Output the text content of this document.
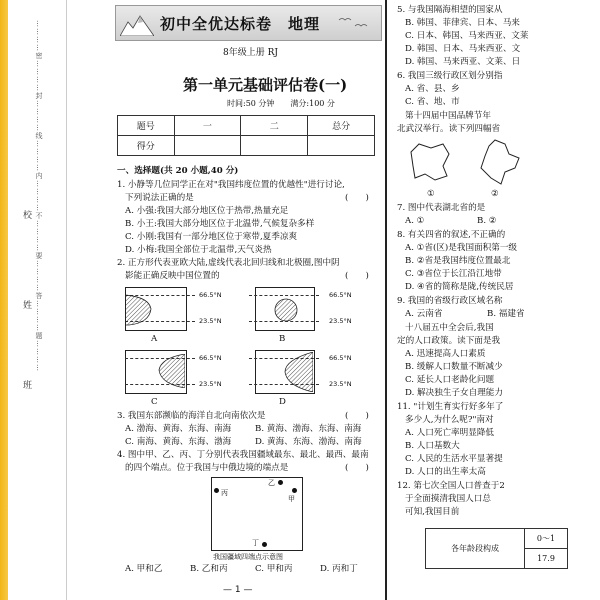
…………密…………封…………线…………内…………不…………要…………答…………题…………
姓
班
校
初中全优达标卷　地理
8年级上册 RJ
第一单元基础评估卷(一)
时间:50 分钟　　满分:100 分
题号	一	二	总分
得分			
一、选择题(共 20 小题,40 分)
1. 小静等几位同学正在对"我国纬度位置的优越性"进行讨论,
下列说法正确的是	(　　)
A. 小强:我国大部分地区位于热带,热量充足
B. 小王:我国大部分地区位于北温带,气候复杂多样
C. 小刚:我国有一部分地区位于寒带,夏季凉爽
D. 小梅:我国全部位于北温带,天气炎热
2. 正方形代表亚欧大陆,虚线代表北回归线和北极圈,图中阴
影能正确反映中国位置的	(　　)
66.5°N
23.5°N
A
66.5°N
23.5°N
B
66.5°N
23.5°N
C
66.5°N
23.5°N
D
3. 我国东部濒临的海洋自北向南依次是	(　　)
A. 渤海、黄海、东海、南海	B. 黄海、渤海、东海、南海
C. 南海、黄海、东海、渤海	D. 黄海、东海、渤海、南海
4. 图中甲、乙、丙、丁分别代表我国疆域最东、最北、最西、最南
的四个端点。位于我国与中俄边境的端点是	(　　)
丙
乙
甲
丁
我国疆域四端点示意图
A. 甲和乙	B. 乙和丙	C. 甲和丙	D. 丙和丁
— 1 —
5. 与我国隔海相望的国家从
B. 韩国、菲律宾、日本、马来
C. 日本、韩国、马来西亚、文莱
D. 韩国、日本、马来西亚、文
D. 韩国、马来西亚、文莱、日
6. 我国三级行政区划分别指
A. 省、县、乡
C. 省、地、市
第十四届中国品牌节年
北武汉举行。读下列四幅省
①	②
7. 图中代表湖北省的是
A. ①	B. ②
8. 有关四省的叙述,不正确的
A. ①省(区)是我国面积第一级
B. ②省是我国纬度位置最北
C. ③省位于长江沿江地带
D. ④省的简称是陇,传统民居
9. 我国的省级行政区域名称
A. 云南省	B. 福建省
十八届五中全会后,我国
定的人口政策。读下面是我
A. 迅速提高人口素质
B. 缓解人口数量不断减少
C. 延长人口老龄化问题
D. 解决独生子女自理能力
11. "计划生育实行好多年了
多少人,为什么呢?"南对
A. 人口死亡率明显降低
B. 人口基数大
C. 人民的生活水平显著提
D. 人口的出生率太高
12. 第七次全国人口普查于2
于全面摸清我国人口总
可知,我国目前
各年龄段构成	0～1
17.9
